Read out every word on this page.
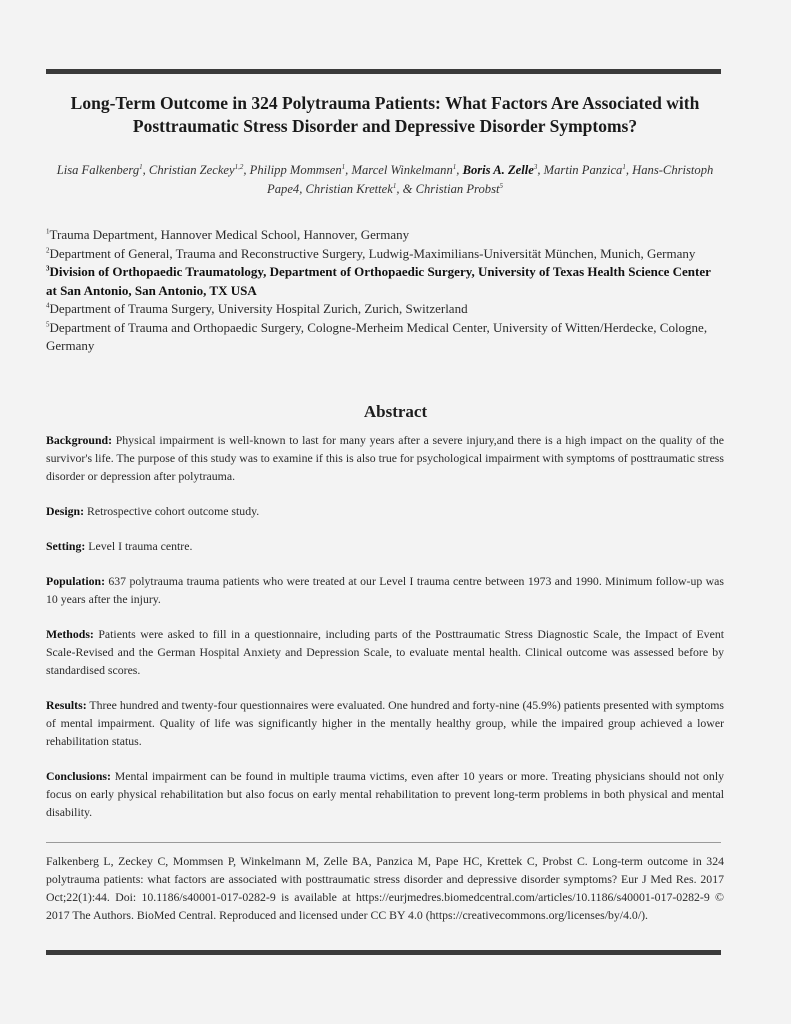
Long-Term Outcome in 324 Polytrauma Patients: What Factors Are Associated with Posttraumatic Stress Disorder and Depressive Disorder Symptoms?
Lisa Falkenberg$^1$, Christian Zeckey$^{1,2}$, Philipp Mommsen$^1$, Marcel Winkelmann$^1$, Boris A. Zelle$^3$, Martin Panzica$^1$, Hans-Christoph Pape4, Christian Krettek$^1$, & Christian Probst$^5$

$^1$Trauma Department, Hannover Medical School, Hannover, Germany

$^2$Department of General, Trauma and Reconstructive Surgery, Ludwig-Maximilians-Universität München, Munich, Germany

$^3$Division of Orthopaedic Traumatology, Department of Orthopaedic Surgery, University of Texas Health Science Center at San Antonio, San Antonio, TX USA

$^4$Department of Trauma Surgery, University Hospital Zurich, Zurich, Switzerland

$^5$Department of Trauma and Orthopaedic Surgery, Cologne-Merheim Medical Center, University of Witten/Herdecke, Cologne, Germany

Abstract

Background: Physical impairment is well-known to last for many years after a severe injury,and there is a high impact on the quality of the survivor's life. The purpose of this study was to examine if this is also true for psychological impairment with symptoms of posttraumatic stress disorder or depression after polytrauma.

Design: Retrospective cohort outcome study.

Setting: Level I trauma centre.

Population: 637 polytrauma trauma patients who were treated at our Level I trauma centre between 1973 and 1990. Minimum follow-up was 10 years after the injury.

Methods: Patients were asked to fill in a questionnaire, including parts of the Posttraumatic Stress Diagnostic Scale, the Impact of Event Scale-Revised and the German Hospital Anxiety and Depression Scale, to evaluate mental health. Clinical outcome was assessed before by standardised scores.

Results: Three hundred and twenty-four questionnaires were evaluated. One hundred and forty-nine (45.9%) patients presented with symptoms of mental impairment. Quality of life was significantly higher in the mentally healthy group, while the impaired group achieved a lower rehabilitation status.

Conclusions: Mental impairment can be found in multiple trauma victims, even after 10 years or more. Treating physicians should not only focus on early physical rehabilitation but also focus on early mental rehabilitation to prevent long-term problems in both physical and mental disability.

Falkenberg L, Zeckey C, Mommsen P, Winkelmann M, Zelle BA, Panzica M, Pape HC, Krettek C, Probst C. Long-term outcome in 324 polytrauma patients: what factors are associated with posttraumatic stress disorder and depressive disorder symptoms? Eur J Med Res. 2017 Oct;22(1):44. Doi: 10.1186/s40001-017-0282-9 is available at https://eurjmedres.biomedcentral.com/articles/10.1186/s40001-017-0282-9 © 2017 The Authors. BioMed Central. Reproduced and licensed under CC BY 4.0 (https://creativecommons.org/licenses/by/4.0/).
